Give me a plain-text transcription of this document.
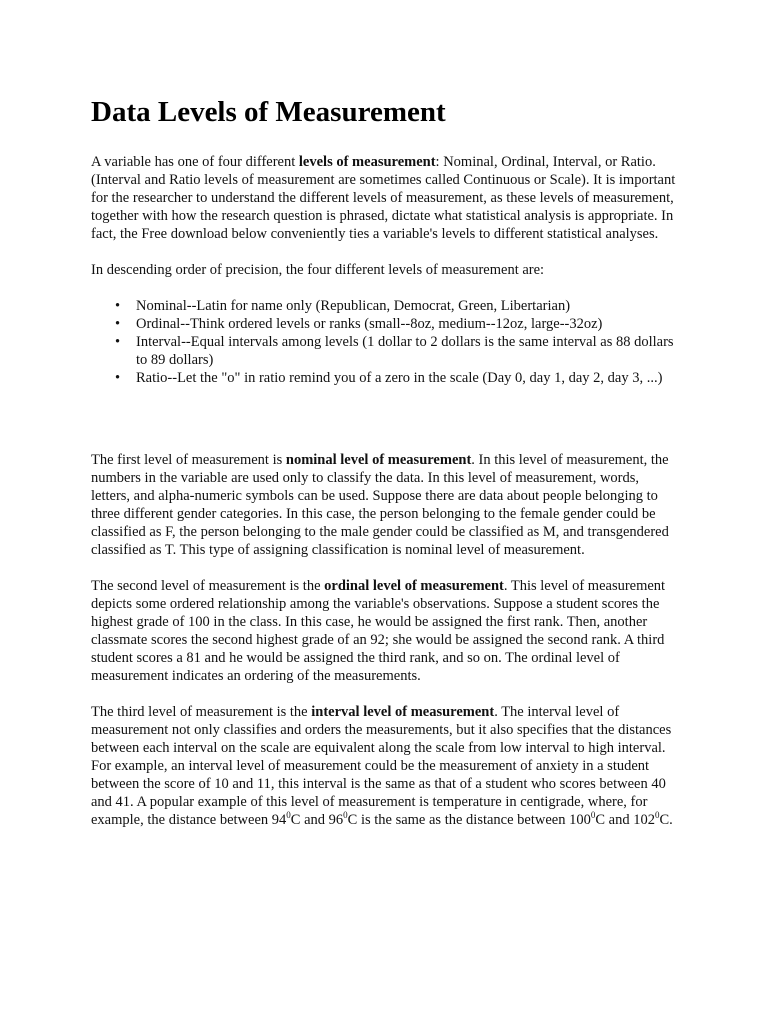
Data Levels of Measurement

A variable has one of four different levels of measurement: Nominal, Ordinal, Interval, or Ratio. (Interval and Ratio levels of measurement are sometimes called Continuous or Scale). It is important for the researcher to understand the different levels of measurement, as these levels of measurement, together with how the research question is phrased, dictate what statistical analysis is appropriate. In fact, the Free download below conveniently ties a variable's levels to different statistical analyses.

In descending order of precision, the four different levels of measurement are:

• Nominal--Latin for name only (Republican, Democrat, Green, Libertarian)
• Ordinal--Think ordered levels or ranks (small--8oz, medium--12oz, large--32oz)
• Interval--Equal intervals among levels (1 dollar to 2 dollars is the same interval as 88 dollars to 89 dollars)
• Ratio--Let the "o" in ratio remind you of a zero in the scale (Day 0, day 1, day 2, day 3, ...)

The first level of measurement is nominal level of measurement. In this level of measurement, the numbers in the variable are used only to classify the data. In this level of measurement, words, letters, and alpha-numeric symbols can be used. Suppose there are data about people belonging to three different gender categories. In this case, the person belonging to the female gender could be classified as F, the person belonging to the male gender could be classified as M, and transgendered classified as T. This type of assigning classification is nominal level of measurement.

The second level of measurement is the ordinal level of measurement. This level of measurement depicts some ordered relationship among the variable's observations. Suppose a student scores the highest grade of 100 in the class. In this case, he would be assigned the first rank. Then, another classmate scores the second highest grade of an 92; she would be assigned the second rank. A third student scores a 81 and he would be assigned the third rank, and so on. The ordinal level of measurement indicates an ordering of the measurements.

The third level of measurement is the interval level of measurement. The interval level of measurement not only classifies and orders the measurements, but it also specifies that the distances between each interval on the scale are equivalent along the scale from low interval to high interval. For example, an interval level of measurement could be the measurement of anxiety in a student between the score of 10 and 11, this interval is the same as that of a student who scores between 40 and 41. A popular example of this level of measurement is temperature in centigrade, where, for example, the distance between $94^0C$ and $96^0C$ is the same as the distance between $100^0C$ and $102^0C$.
